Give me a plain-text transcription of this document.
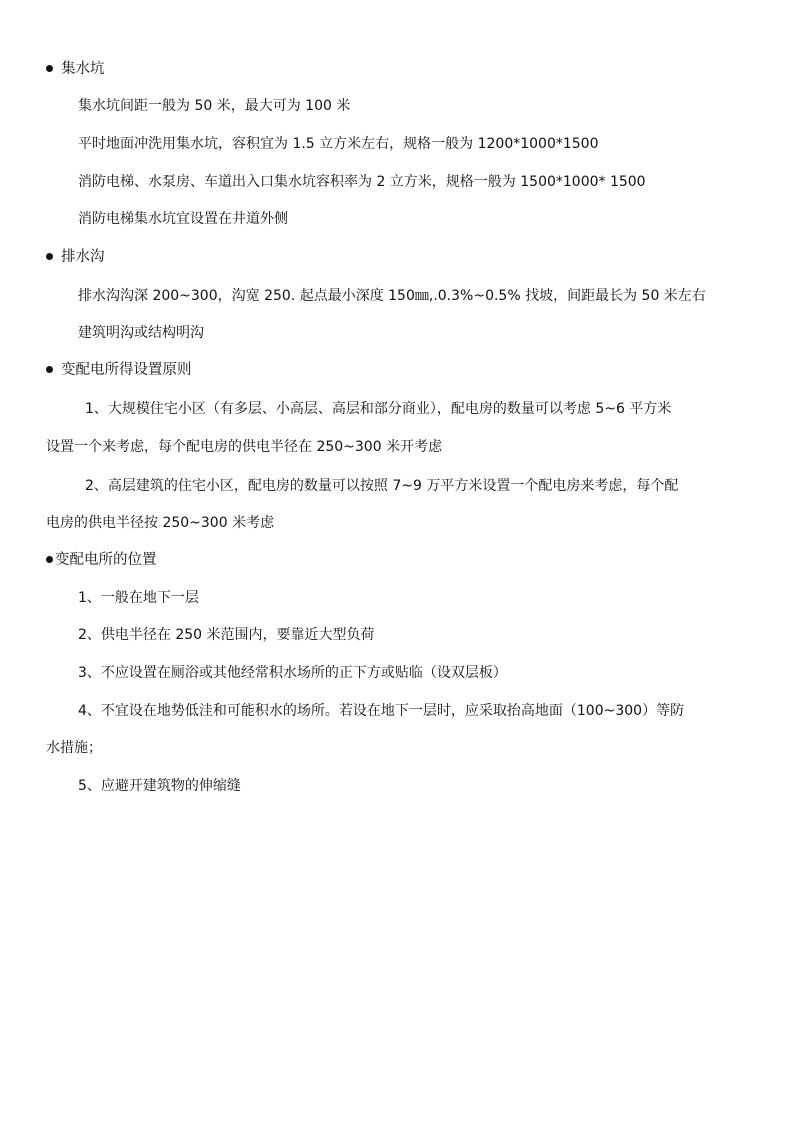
集水坑
集水坑间距一般为 50 米，最大可为 100 米
平时地面冲洗用集水坑，容积宜为 1.5 立方米左右，规格一般为 1200*1000*1500
消防电梯、水泵房、车道出入口集水坑容积率为 2 立方米，规格一般为 1500*1000* 1500
消防电梯集水坑宜设置在井道外侧
排水沟
排水沟沟深 200~300，沟宽 250. 起点最小深度 150㎜,.0.3%~0.5% 找坡，间距最长为 50 米左右
建筑明沟或结构明沟
变配电所得设置原则
1、大规模住宅小区（有多层、小高层、高层和部分商业），配电房的数量可以考虑 5~6 平方米
设置一个来考虑，每个配电房的供电半径在 250~300 米开考虑
2、高层建筑的住宅小区，配电房的数量可以按照 7~9 万平方米设置一个配电房来考虑，每个配
电房的供电半径按 250~300 米考虑
变配电所的位置
1、一般在地下一层
2、供电半径在 250 米范围内，要靠近大型负荷
3、不应设置在厕浴或其他经常积水场所的正下方或贴临（设双层板）
4、不宜设在地势低洼和可能积水的场所。若设在地下一层时，应采取抬高地面（100~300）等防
水措施；
5、应避开建筑物的伸缩缝
